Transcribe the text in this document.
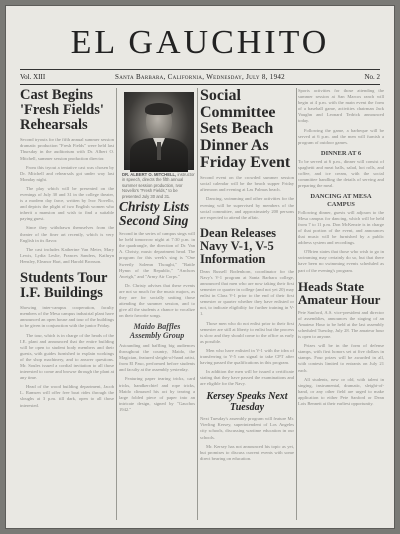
EL GAUCHITO
Vol. XIII	Santa Barbara, California, Wednesday, July 8, 1942	No. 2
Cast Begins 'Fresh Fields' Rehearsals

Second tryouts for the fifth annual summer session dramatic production "Fresh Fields" were held last Thursday in the auditorium with Dr. Albert O. Mitchell, summer session production director.

From this tryout a tentative cast was chosen by Dr. Mitchell and rehearsals got under way last Monday night.

The play which will be presented on the evenings of July 30 and 31 in the college theater, is a modern day farce, written by Ivor Novello, and depicts the plight of two English women who inherit a mansion and wish to find a suitable paying guest.

Since they withdrawn themselves from the theater of the finer art recently, which is very English in its flavor.

The cast includes Katherine Van Meter, Mary Lewis, Lydia Leslie, Frances Sanders, Kathryn Hensley, Eleanor Hart, and Harold Bronson.

Students Tour I.F. Buildings

Showing inter-campus cooperation, faculty members of the Mesa campus industrial plant have announced an open house and tour of the buildings to be given in conjunction with the junior Friday.

The tour, which is in charge of the heads of the I.E. plant and announced that the entire building will be open to student body members and their guests, with guides furnished to explain workings of the shop machinery, and to answer questions. Mr. Soules issued a cordial invitation to all those interested to come and browse through the plant at any time.

Head of the wood building department, Jacob L. Ramsen will offer free boat rides through the sloughs at 3 p.m. till dark, open to all those interested.

DR. ALBERT O. MITCHELL, instructor in speech, directs the fifth annual summer session production, Ivor Novello's "Fresh Fields," to be presented July 30 and 31.
Christy Lists Second Sing

Second in the series of campus sings will be held tomorrow night at 7:30 p.m. in the quadrangle, the direction of Dr. Van A. Christy, music department head. The program for this week's sing is "One Sweetly Solemn Thought," "Battle Hymn of the Republic," "Anchors Aweigh," and "Army Air Corps."

Dr. Christy advises that these events are not so much for the music majors, as they are for socially uniting those attending the summer session, and to give all the students a chance to vocalize on their favorite songs.

Maido Baffles Assembly Group

Astounding and baffling big audiences throughout the country, Maido, the Magician, featured sleight-of-hand artist, from El Paso, performed before students and faculty at the assembly yesterday.

Featuring paper tearing tricks, card tricks, handkerchief and rope tricks, Maido climaxed his act by tearing a large folded piece of paper into an intricate design, signed by "Gauchos 1942."

Social Committee Sets Beach Dinner As Friday Event

Second event on the crowded summer session social calendar will be the beach supper Friday afternoon and evening at Las Palmas beach.

Dancing, swimming and other activities for the evening will be supervised by members of the social committee, and approximately 200 persons are expected to attend the affair.

Dean Releases Navy V-1, V-5 Information

Dean Russell Bodenhorn, coordinator for the Navy's V-1 program at Santa Barbara college, announced that men who are now taking their first semester or quarter in college (and not yet 20) may enlist in Class V-1 prior to the end of their first semester or quarter whether they have enlisted or not, to indicate eligibility for further training in V-1.

Those men who do not enlist prior to their first semester are still at liberty to enlist but the process is slow and they should come to the office as early as possible.

Men who have enlisted in V-1 with the idea of transferring to V-5 can signal to take CPT after having passed the qualifications in this program.

In addition the men will be issued a certificate stating that they have passed the examinations and are eligible for the Navy.

Kersey Speaks Next Tuesday

Next Tuesday's assembly program will feature Mr. Vierling Kersey, superintendent of Los Angeles city schools, discussing wartime education in our schools.

Mr. Kersey has not announced his topic as yet, but promises to discuss current events with some direct bearing on education.

Sports activities for those attending the summer session at San Marcos ranch will begin at 4 p.m. with the main event the form of a baseball game, activities chairman Jack Vaughn and Leonard Tedrick announced today.

Following the game, a barbeque will be served at 6 p.m. and the men will furnish a program of outdoor games.

DINNER AT 6

To be served at 6 p.m., dinner will consist of spaghetti and meat balls, salad, hot rolls, and coffee, and ice cream, with the social committee handling the details of serving and preparing the meal.

DANCING AT MESA CAMPUS

Following dinner, guests will adjourn to the Mesa campus for dancing, which will be held from 7 to 11 p.m. Don McKenzie is in charge of that portion of the event, and announces that music will be furnished by a public address system and recordings.

O'Brien states that those who wish to go in swimming may certainly do so, but that there have been no swimming events scheduled as part of the evening's program.

Heads State Amateur Hour

Pete Sanford, A.S. vice-president and director of assemblies, announces the staging of an Amateur Hour to be held at the last assembly scheduled Tuesday, July 28. The amateur hour is open to anyone.

Prizes will be in the form of defense stamps, with first honors set at five dollars in stamps. Four prizes will be awarded in all, with contests limited to entrants on July 21 each.

All students, new or old, with talent in singing, instrumental, dramatic, sleight-of-hand, or any other field are urged to make application to either Pete Sanford or Dean Lois Bennett at their earliest opportunity.
